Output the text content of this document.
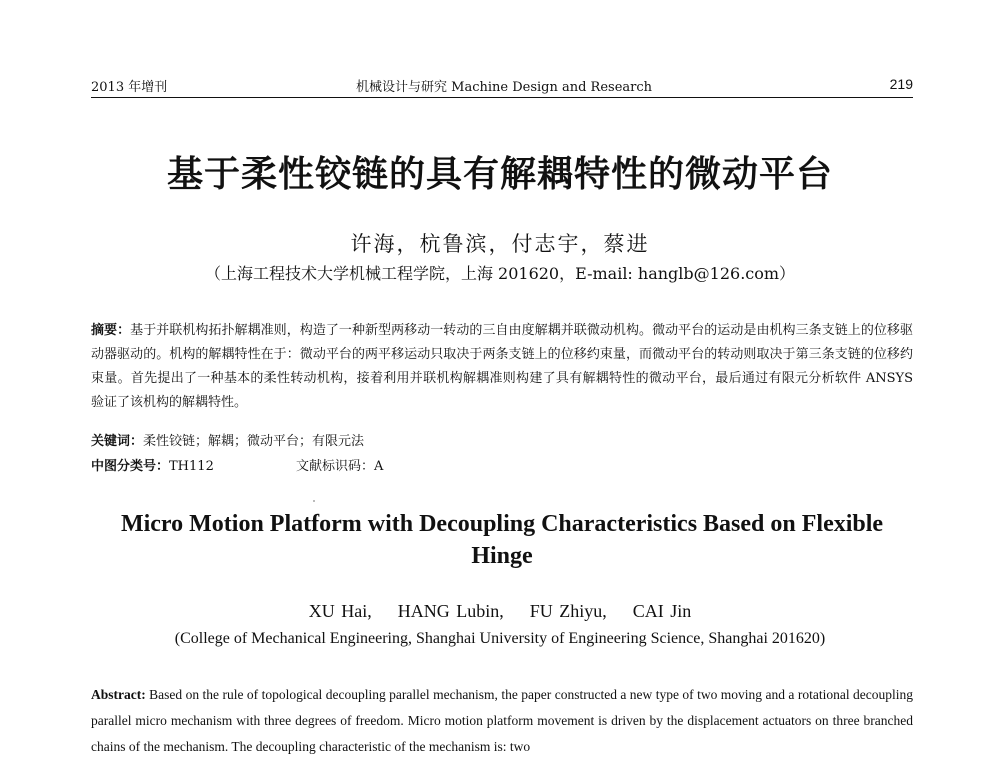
2013 年增刊	机械设计与研究 Machine Design and Research	219
基于柔性铰链的具有解耦特性的微动平台
许海，杭鲁滨，付志宇，蔡进
（上海工程技术大学机械工程学院，上海 201620，E-mail: hanglb@126.com）
摘要：基于并联机构拓扑解耦准则，构造了一种新型两移动一转动的三自由度解耦并联微动机构。微动平台的运动是由机构三条支链上的位移驱动器驱动的。机构的解耦特性在于：微动平台的两平移运动只取决于两条支链上的位移约束量，而微动平台的转动则取决于第三条支链的位移约束量。首先提出了一种基本的柔性转动机构，接着利用并联机构解耦准则构建了具有解耦特性的微动平台，最后通过有限元分析软件 ANSYS 验证了该机构的解耦特性。
关键词：柔性铰链；解耦；微动平台；有限元法
中图分类号：TH112	文献标识码：A
Micro Motion Platform with Decoupling Characteristics Based on Flexible Hinge
XU Hai,    HANG Lubin,    FU Zhiyu,    CAI Jin
(College of Mechanical Engineering, Shanghai University of Engineering Science, Shanghai 201620)
Abstract: Based on the rule of topological decoupling parallel mechanism, the paper constructed a new type of two moving and a rotational decoupling parallel micro mechanism with three degrees of freedom. Micro motion platform movement is driven by the displacement actuators on three branched chains of the mechanism. The decoupling characteristic of the mechanism is: two
